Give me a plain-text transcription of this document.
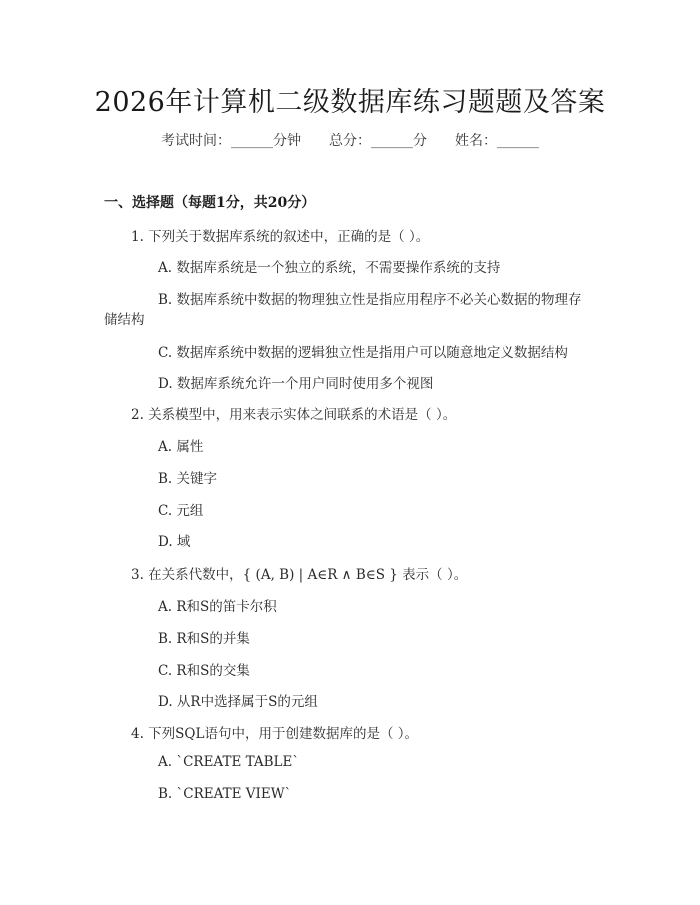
2026年计算机二级数据库练习题题及答案
考试时间：______分钟 总分：______分 姓名：______
一、选择题（每题1分，共20分）
1. 下列关于数据库系统的叙述中，正确的是（ ）。
A. 数据库系统是一个独立的系统，不需要操作系统的支持
B. 数据库系统中数据的物理独立性是指应用程序不必关心数据的物理存
储结构
C. 数据库系统中数据的逻辑独立性是指用户可以随意地定义数据结构
D. 数据库系统允许一个用户同时使用多个视图
2. 关系模型中，用来表示实体之间联系的术语是（ ）。
A. 属性
B. 关键字
C. 元组
D. 域
3. 在关系代数中，{ (A, B) | A∈R ∧ B∈S } 表示（ ）。
A. R和S的笛卡尔积
B. R和S的并集
C. R和S的交集
D. 从R中选择属于S的元组
4. 下列SQL语句中，用于创建数据库的是（ ）。
A. `CREATE TABLE`
B. `CREATE VIEW`
